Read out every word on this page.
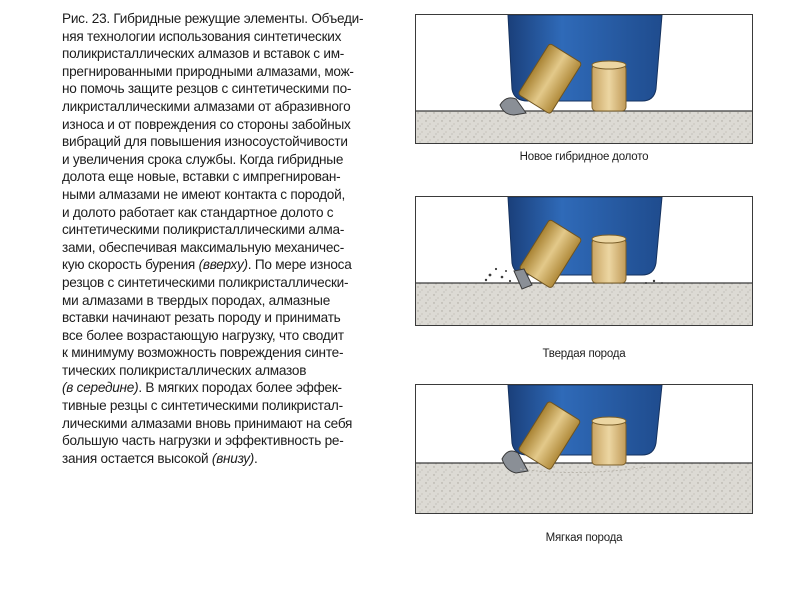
Рис. 23. Гибридные режущие элементы. Объеди-
няя технологии использования синтетических
поликристаллических алмазов и вставок с им-
прегнированными природными алмазами, мож-
но помочь защите резцов с синтетическими по-
ликристаллическими алмазами от абразивного
износа и от повреждения со стороны забойных
вибраций для повышения износоустойчивости
и увеличения срока службы. Когда гибридные
долота еще новые, вставки с импрегнирован-
ными алмазами не имеют контакта с породой,
и долото работает как стандартное долото с
синтетическими поликристаллическими алма-
зами, обеспечивая максимальную механичес-
кую скорость бурения (вверху). По мере износа
резцов с синтетическими поликристаллически-
ми алмазами в твердых породах, алмазные
вставки начинают резать породу и принимать
все более возрастающую нагрузку, что сводит
к минимуму возможность повреждения синте-
тических поликристаллических алмазов
(в середине). В мягких породах более эффек-
тивные резцы с синтетическими поликристал-
лическими алмазами вновь принимают на себя
большую часть нагрузки и эффективность ре-
зания остается высокой (внизу).
Новое гибридное долото
Твердая порода
Мягкая порода
